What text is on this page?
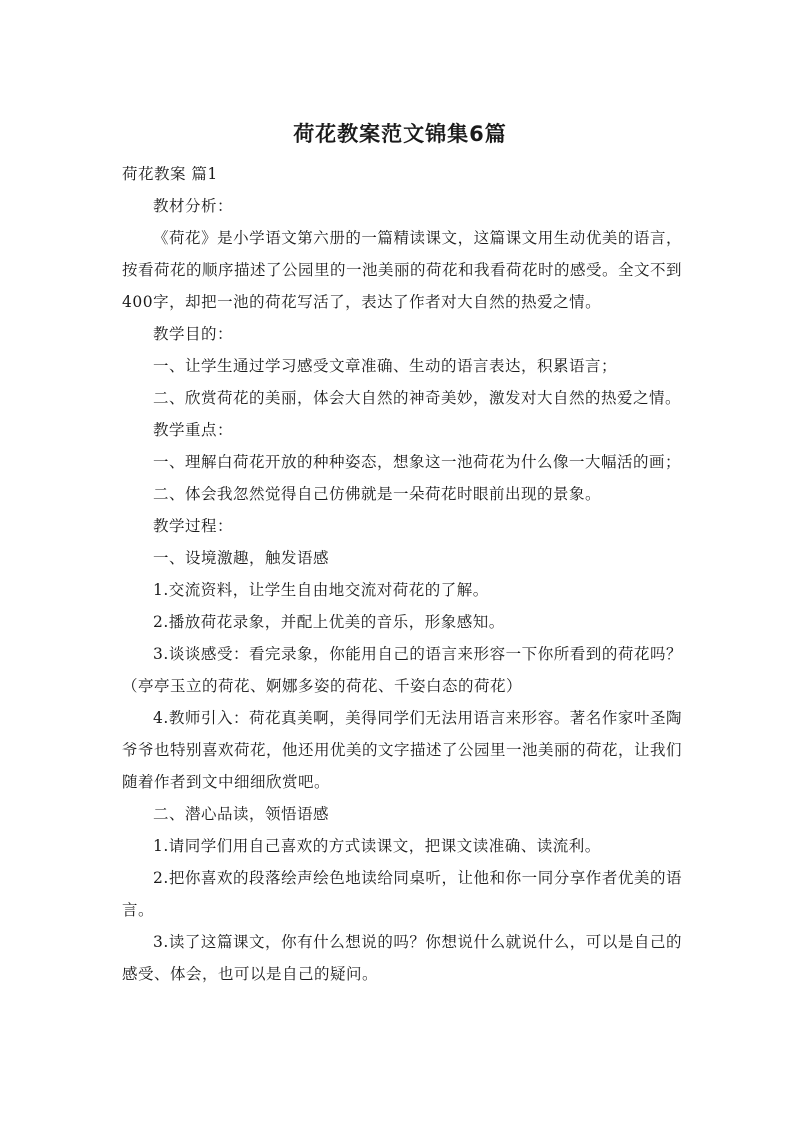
荷花教案范文锦集6篇

荷花教案 篇1

教材分析：

《荷花》是小学语文第六册的一篇精读课文，这篇课文用生动优美的语言，按看荷花的顺序描述了公园里的一池美丽的荷花和我看荷花时的感受。全文不到400字，却把一池的荷花写活了，表达了作者对大自然的热爱之情。

教学目的：

一、让学生通过学习感受文章准确、生动的语言表达，积累语言；

二、欣赏荷花的美丽，体会大自然的神奇美妙，激发对大自然的热爱之情。

教学重点：

一、理解白荷花开放的种种姿态，想象这一池荷花为什么像一大幅活的画；

二、体会我忽然觉得自己仿佛就是一朵荷花时眼前出现的景象。

教学过程：

一、设境激趣，触发语感

1.交流资料，让学生自由地交流对荷花的了解。

2.播放荷花录象，并配上优美的音乐，形象感知。

3.谈谈感受：看完录象，你能用自己的语言来形容一下你所看到的荷花吗？（亭亭玉立的荷花、婀娜多姿的荷花、千姿白态的荷花）

4.教师引入：荷花真美啊，美得同学们无法用语言来形容。著名作家叶圣陶爷爷也特别喜欢荷花，他还用优美的文字描述了公园里一池美丽的荷花，让我们随着作者到文中细细欣赏吧。

二、潜心品读，领悟语感

1.请同学们用自己喜欢的方式读课文，把课文读准确、读流利。

2.把你喜欢的段落绘声绘色地读给同桌听，让他和你一同分享作者优美的语言。

3.读了这篇课文，你有什么想说的吗？你想说什么就说什么，可以是自己的感受、体会，也可以是自己的疑问。
